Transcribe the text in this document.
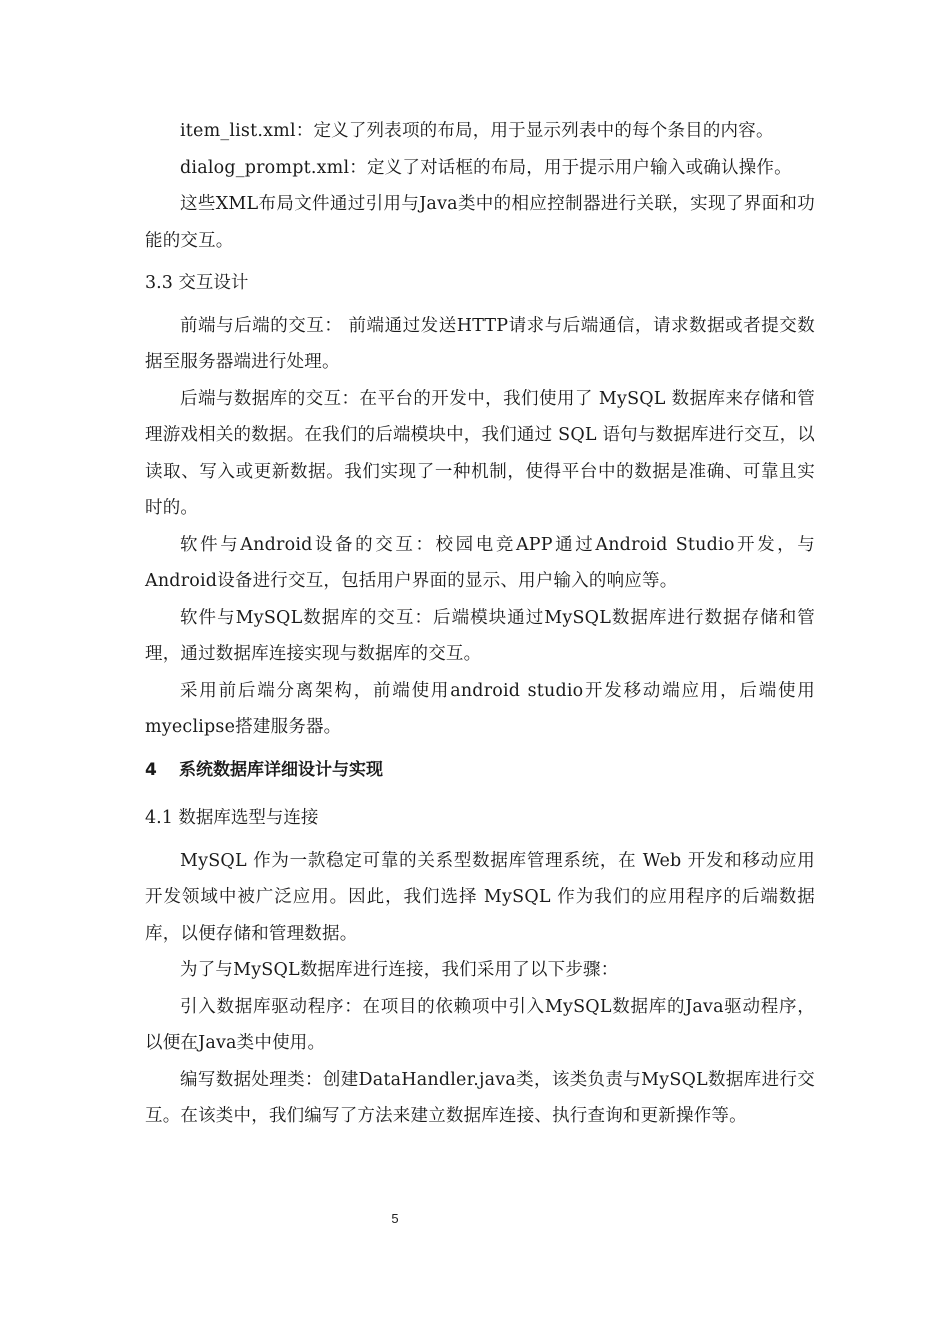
item_list.xml：定义了列表项的布局，用于显示列表中的每个条目的内容。

dialog_prompt.xml：定义了对话框的布局，用于提示用户输入或确认操作。

这些XML布局文件通过引用与Java类中的相应控制器进行关联，实现了界面和功能的交互。

3.3 交互设计

前端与后端的交互： 前端通过发送HTTP请求与后端通信，请求数据或者提交数据至服务器端进行处理。

后端与数据库的交互：在平台的开发中，我们使用了 MySQL 数据库来存储和管理游戏相关的数据。在我们的后端模块中，我们通过 SQL 语句与数据库进行交互，以读取、写入或更新数据。我们实现了一种机制，使得平台中的数据是准确、可靠且实时的。

软件与Android设备的交互：校园电竞APP通过Android Studio开发，与Android设备进行交互，包括用户界面的显示、用户输入的响应等。

软件与MySQL数据库的交互：后端模块通过MySQL数据库进行数据存储和管理，通过数据库连接实现与数据库的交互。

采用前后端分离架构，前端使用android studio开发移动端应用，后端使用myeclipse搭建服务器。

4 系统数据库详细设计与实现

4.1 数据库选型与连接

MySQL 作为一款稳定可靠的关系型数据库管理系统，在 Web 开发和移动应用开发领域中被广泛应用。因此，我们选择 MySQL 作为我们的应用程序的后端数据库，以便存储和管理数据。

为了与MySQL数据库进行连接，我们采用了以下步骤：

引入数据库驱动程序：在项目的依赖项中引入MySQL数据库的Java驱动程序，以便在Java类中使用。

编写数据处理类：创建DataHandler.java类，该类负责与MySQL数据库进行交互。在该类中，我们编写了方法来建立数据库连接、执行查询和更新操作等。

5
